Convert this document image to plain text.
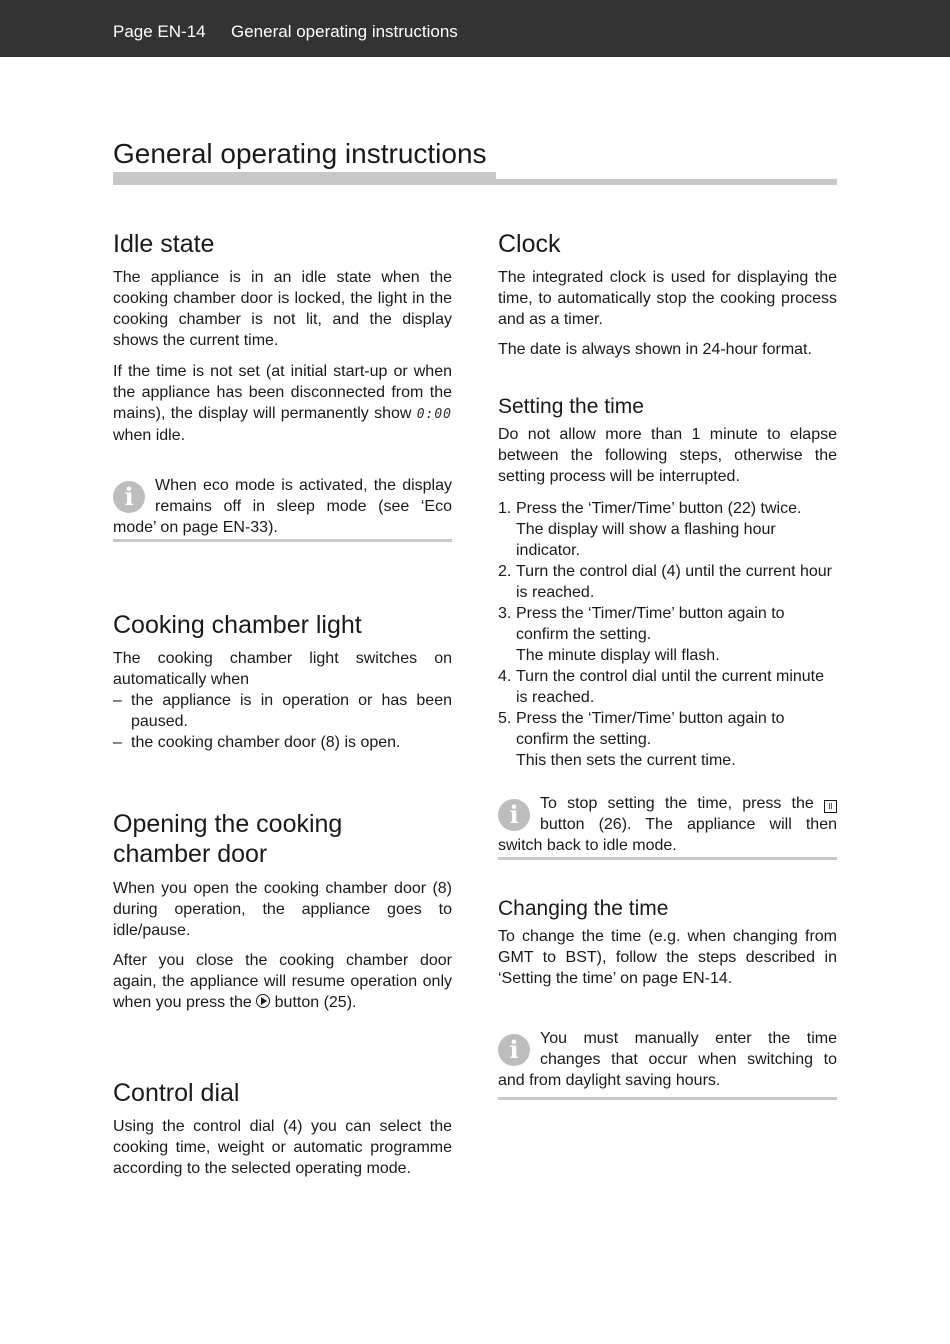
Page EN-14 General operating instructions
General operating instructions
Idle state

The appliance is in an idle state when the cooking chamber door is locked, the light in the cooking chamber is not lit, and the display shows the current time.

If the time is not set (at initial start-up or when the appliance has been disconnected from the mains), the display will permanently show 0:00 when idle.

i	When eco mode is activated, the display remains off in sleep mode (see ‘Eco mode’ on page EN-33).
Cooking chamber light

The cooking chamber light switches on automatically when

– the appliance is in operation or has been paused.
– the cooking chamber door (8) is open.
Opening the cooking
chamber door

When you open the cooking chamber door (8) during operation, the appliance goes to idle/pause.

After you close the cooking chamber door again, the appliance will resume operation only when you press the  button (25).

Control dial

Using the control dial (4) you can select the cooking time, weight or automatic programme according to the selected operating mode.

Clock

The integrated clock is used for displaying the time, to automatically stop the cooking process and as a timer.

The date is always shown in 24-hour format.

Setting the time

Do not allow more than 1 minute to elapse between the following steps, otherwise the setting process will be interrupted.

1. Press the ‘Timer/Time’ button (22) twice.
The display will show a flashing hour indicator.
2. Turn the control dial (4) until the current hour is reached.
3. Press the ‘Timer/Time’ button again to confirm the setting.
The minute display will flash.
4. Turn the control dial until the current minute is reached.
5. Press the ‘Timer/Time’ button again to confirm the setting.
This then sets the current time.
i	To stop setting the time, press the II button (26). The appliance will then switch back to idle mode.
Changing the time

To change the time (e.g. when changing from GMT to BST), follow the steps described in ‘Setting the time’ on page EN-14.

i	You must manually enter the time changes that occur when switching to and from daylight saving hours.
